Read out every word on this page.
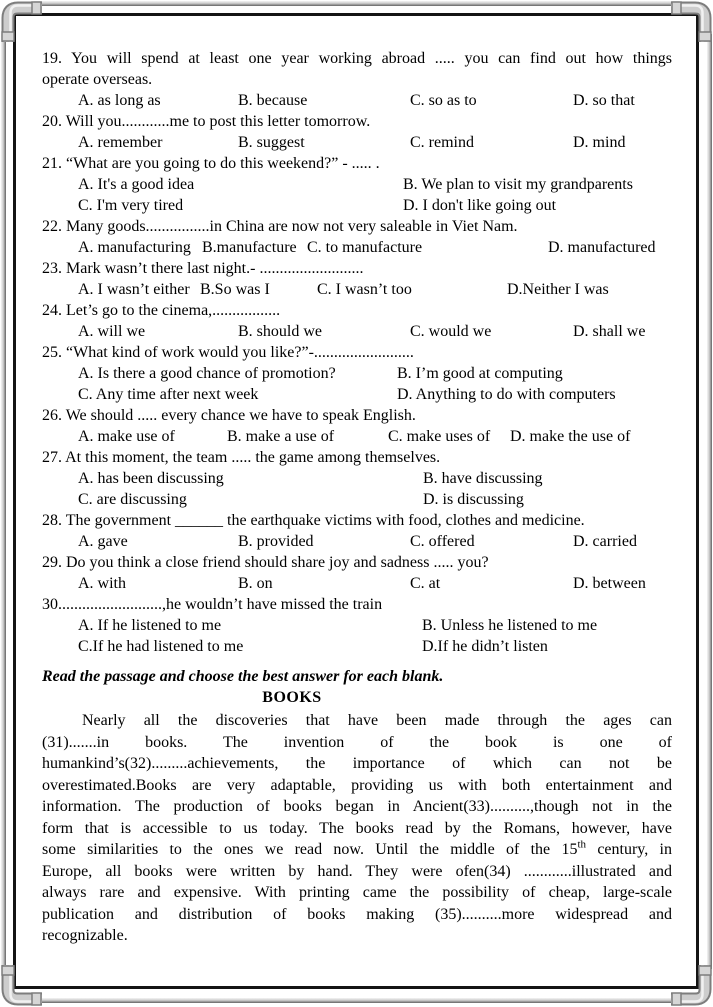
19. You will spend at least one year working abroad ..... you can find out how things
operate overseas.
A. as long as	B. because	C. so as to	D. so that
20. Will you............me to post this letter tomorrow.
A. remember	B. suggest	C. remind	D. mind
21. “What are you going to do this weekend?” - ..... .
A. It's a good idea	B. We plan to visit my grandparents
C. I'm very tired	D. I don't like going out
22. Many goods................in China are now not very saleable in Viet Nam.
A. manufacturing B.manufacture C. to manufacture	D. manufactured
23. Mark wasn’t there last night.- ..........................
A. I wasn’t either B.So was I	C. I wasn’t too	D.Neither I was
24. Let’s go to the cinema,.................
A. will we	B. should we	C. would we	D. shall we
25. “What kind of work would you like?”-.........................
A. Is there a good chance of promotion?	B. I’m good at computing
C. Any time after next week	D. Anything to do with computers
26. We should ..... every chance we have to speak English.
A. make use of	B. make a use of	C. make uses of	D. make the use of
27. At this moment, the team ..... the game among themselves.
A. has been discussing	B. have discussing
C. are discussing	D. is discussing
28. The government ______ the earthquake victims with food, clothes and medicine.
A. gave	B. provided	C. offered	D. carried
29. Do you think a close friend should share joy and sadness ..... you?
A. with	B. on	C. at	D. between
30..........................,he wouldn’t have missed the train
A. If he listened to me	B. Unless he listened to me
C.If he had listened to me	D.If he didn’t listen
Read the passage and choose the best answer for each blank.
BOOKS
Nearly all the discoveries that have been made through the ages can
(31).......in books. The invention of the book is one of
humankind’s(32).........achievements, the importance of which can not be
overestimated.Books are very adaptable, providing us with both entertainment and
information. The production of books began in Ancient(33)..........,though not in the
form that is accessible to us today. The books read by the Romans, however, have
some similarities to the ones we read now. Until the middle of the 15th century, in
Europe, all books were written by hand. They were ofen(34) ............illustrated and
always rare and expensive. With printing came the possibility of cheap, large-scale
publication and distribution of books making (35)..........more widespread and
recognizable.
